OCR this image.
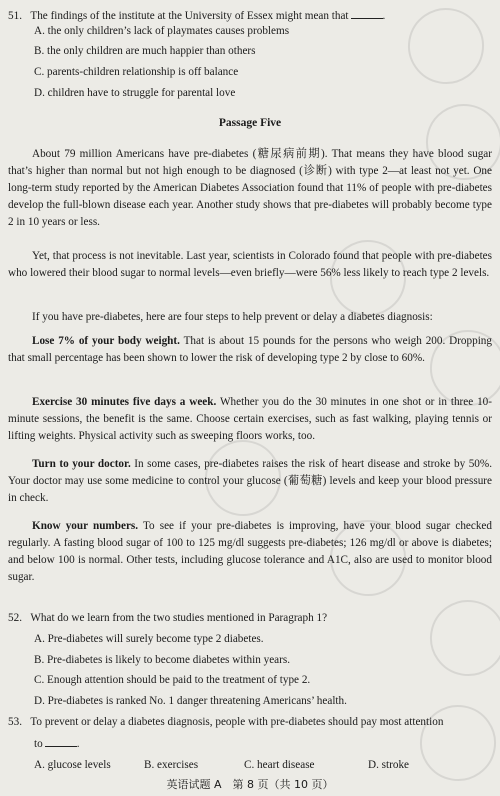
51. The findings of the institute at the University of Essex might mean that	.
A. the only children’s lack of playmates causes problems
B. the only children are much happier than others
C. parents-children relationship is off balance
D. children have to struggle for parental love
Passage Five
About 79 million Americans have pre-diabetes (糖尿病前期). That means they have blood sugar that’s higher than normal but not high enough to be diagnosed (诊断) with type 2—at least not yet. One long-term study reported by the American Diabetes Association found that 11% of people with pre-diabetes develop the full-blown disease each year. Another study shows that pre-diabetes will probably become type 2 in 10 years or less.
Yet, that process is not inevitable. Last year, scientists in Colorado found that people with pre-diabetes who lowered their blood sugar to normal levels—even briefly—were 56% less likely to reach type 2 levels.
If you have pre-diabetes, here are four steps to help prevent or delay a diabetes diagnosis:
Lose 7% of your body weight. That is about 15 pounds for the persons who weigh 200. Dropping that small percentage has been shown to lower the risk of developing type 2 by close to 60%.
Exercise 30 minutes five days a week. Whether you do the 30 minutes in one shot or in three 10-minute sessions, the benefit is the same. Choose certain exercises, such as fast walking, playing tennis or lifting weights. Physical activity such as sweeping floors works, too.
Turn to your doctor. In some cases, pre-diabetes raises the risk of heart disease and stroke by 50%. Your doctor may use some medicine to control your glucose (葡萄糖) levels and keep your blood pressure in check.
Know your numbers. To see if your pre-diabetes is improving, have your blood sugar checked regularly. A fasting blood sugar of 100 to 125 mg/dl suggests pre-diabetes; 126 mg/dl or above is diabetes; and below 100 is normal. Other tests, including glucose tolerance and A1C, also are used to monitor blood sugar.
52. What do we learn from the two studies mentioned in Paragraph 1?
A. Pre-diabetes will surely become type 2 diabetes.
B. Pre-diabetes is likely to become diabetes within years.
C. Enough attention should be paid to the treatment of type 2.
D. Pre-diabetes is ranked No. 1 danger threatening Americans’ health.
53. To prevent or delay a diabetes diagnosis, people with pre-diabetes should pay most attention
to	.
A. glucose levels	B. exercises	C. heart disease	D. stroke
英语试题 A　第 8 页（共 10 页）
